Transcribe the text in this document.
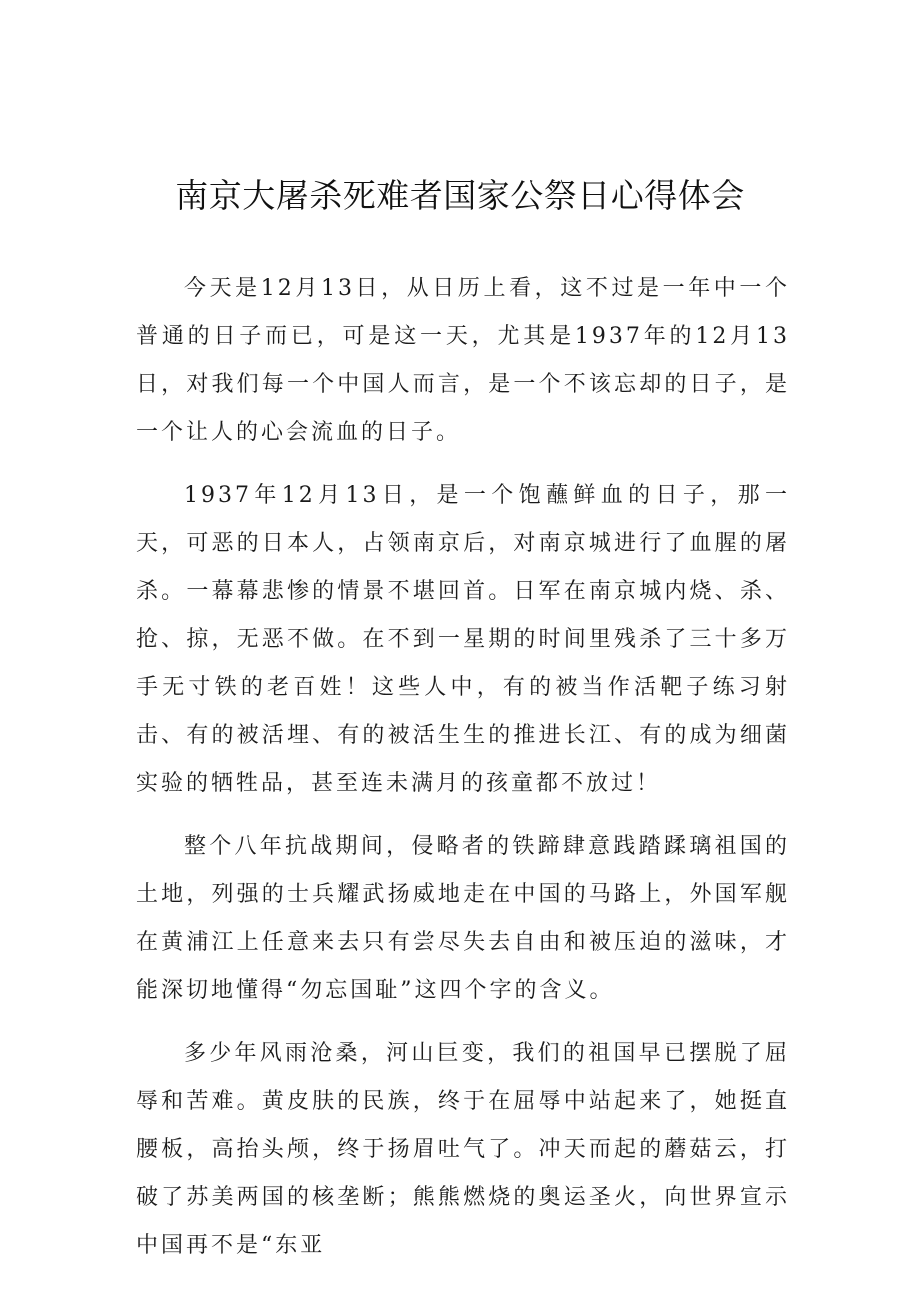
南京大屠杀死难者国家公祭日心得体会

今天是12月13日，从日历上看，这不过是一年中一个普通的日子而已，可是这一天，尤其是1937年的12月13日，对我们每一个中国人而言，是一个不该忘却的日子，是一个让人的心会流血的日子。

1937年12月13日，是一个饱蘸鲜血的日子，那一天，可恶的日本人，占领南京后，对南京城进行了血腥的屠杀。一幕幕悲惨的情景不堪回首。日军在南京城内烧、杀、抢、掠，无恶不做。在不到一星期的时间里残杀了三十多万手无寸铁的老百姓！这些人中，有的被当作活靶子练习射击、有的被活埋、有的被活生生的推进长江、有的成为细菌实验的牺牲品，甚至连未满月的孩童都不放过！

整个八年抗战期间，侵略者的铁蹄肆意践踏蹂璃祖国的土地，列强的士兵耀武扬威地走在中国的马路上，外国军舰在黄浦江上任意来去只有尝尽失去自由和被压迫的滋味，才能深切地懂得“勿忘国耻”这四个字的含义。

多少年风雨沧桑，河山巨变，我们的祖国早已摆脱了屈辱和苦难。黄皮肤的民族，终于在屈辱中站起来了，她挺直腰板，高抬头颅，终于扬眉吐气了。冲天而起的蘑菇云，打破了苏美两国的核垄断；熊熊燃烧的奥运圣火，向世界宣示中国再不是“东亚
